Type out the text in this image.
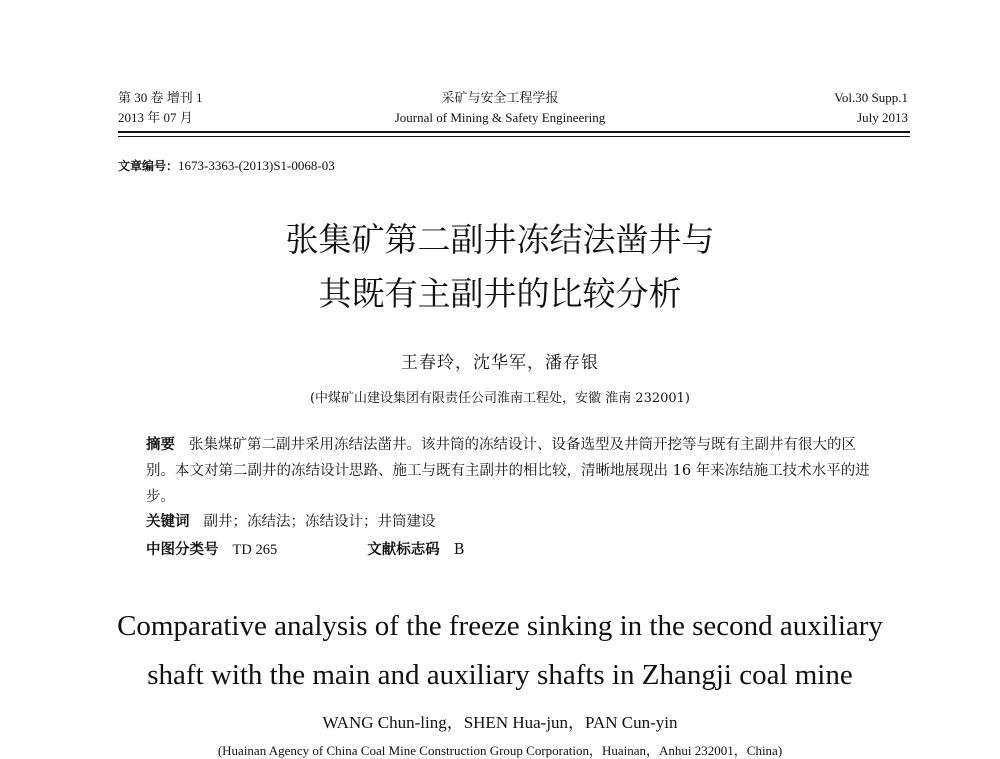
第 30 卷 增刊 1
2013 年 07 月
采矿与安全工程学报
Journal of Mining & Safety Engineering
Vol.30 Supp.1
July 2013
文章编号：1673-3363-(2013)S1-0068-03
张集矿第二副井冻结法凿井与
其既有主副井的比较分析
王春玲，沈华军，潘存银
(中煤矿山建设集团有限责任公司淮南工程处，安徽 淮南 232001)
摘要 张集煤矿第二副井采用冻结法凿井。该井筒的冻结设计、设备选型及井筒开挖等与既有主副井有很大的区别。本文对第二副井的冻结设计思路、施工与既有主副井的相比较，清晰地展现出 16 年来冻结施工技术水平的进步。
关键词 副井；冻结法；冻结设计；井筒建设
中图分类号 TD 265	文献标志码 B
Comparative analysis of the freeze sinking in the second auxiliary
shaft with the main and auxiliary shafts in Zhangji coal mine
WANG Chun-ling，SHEN Hua-jun，PAN Cun-yin
(Huainan Agency of China Coal Mine Construction Group Corporation，Huainan，Anhui 232001，China)
